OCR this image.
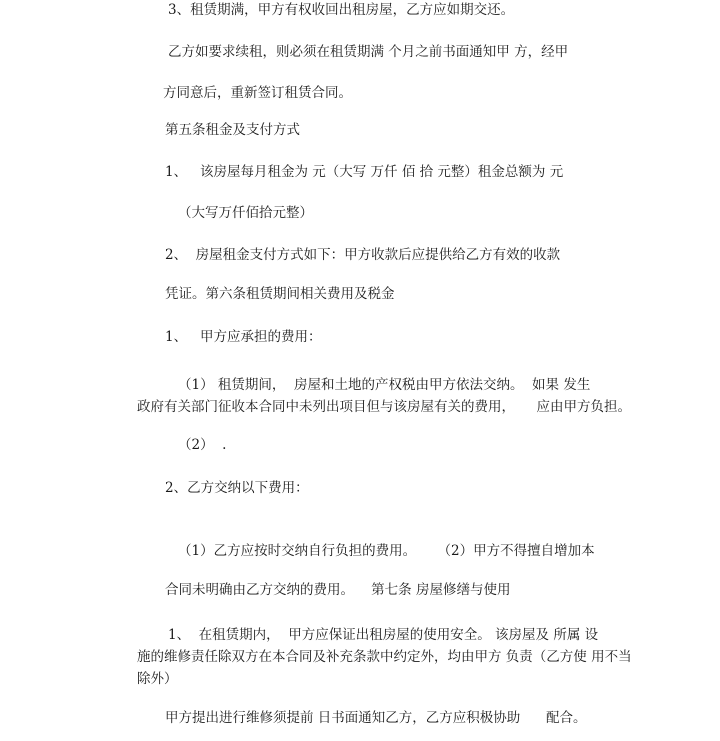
3、租赁期满，甲方有权收回出租房屋，乙方应如期交还。
乙方如要求续租，则必须在租赁期满 个月之前书面通知甲 方，经甲
方同意后，重新签订租赁合同。
第五条租金及支付方式
1、   该房屋每月租金为 元（大写 万仟 佰 拾 元整）租金总额为 元
（大写万仟佰拾元整）
2、  房屋租金支付方式如下：甲方收款后应提供给乙方有效的收款
凭证。第六条租赁期间相关费用及税金
1、   甲方应承担的费用：
（1） 租赁期间，  房屋和土地的产权税由甲方依法交纳。  如果 发生
政府有关部门征收本合同中未列出项目但与该房屋有关的费用，     应由甲方负担。
（2）  .
2、乙方交纳以下费用：
（1）乙方应按时交纳自行负担的费用。     （2）甲方不得擅自增加本
合同未明确由乙方交纳的费用。    第七条 房屋修缮与使用
1、  在租赁期内，  甲方应保证出租房屋的使用安全。 该房屋及 所属 设
施的维修责任除双方在本合同及补充条款中约定外，均由甲方 负责（乙方使 用不当
除外）
甲方提出进行维修须提前 日书面通知乙方，乙方应积极协助      配合。
